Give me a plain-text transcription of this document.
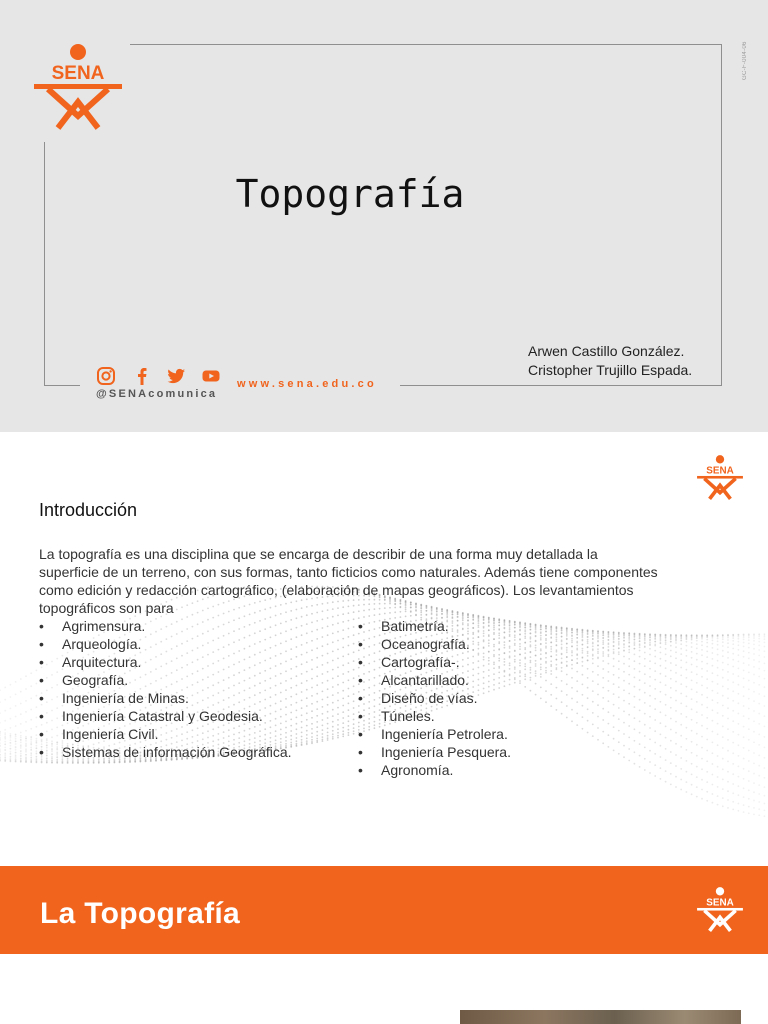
GC-F-004-06
SENA
Topografía
Arwen Castillo González.
Cristopher Trujillo Espada.
@SENAcomunica
www.sena.edu.co
SENA
Introducción
La topografía es una disciplina que se encarga de describir de una forma muy detallada la superficie de un terreno, con sus formas, tanto ficticios como naturales. Además tiene componentes como edición y redacción cartográfico, (elaboración de mapas geográficos). Los levantamientos topográficos son para
• Agrimensura.
• Arqueología.
• Arquitectura.
• Geografía.
• Ingeniería de Minas.
• Ingeniería Catastral y Geodesia.
• Ingeniería Civil.
• Sistemas de información Geográfica.
• Batimetría.
• Oceanografía.
• Cartografía-.
• Alcantarillado.
• Diseño de vías.
• Túneles.
• Ingeniería Petrolera.
• Ingeniería Pesquera.
• Agronomía.
La Topografía	SENA
